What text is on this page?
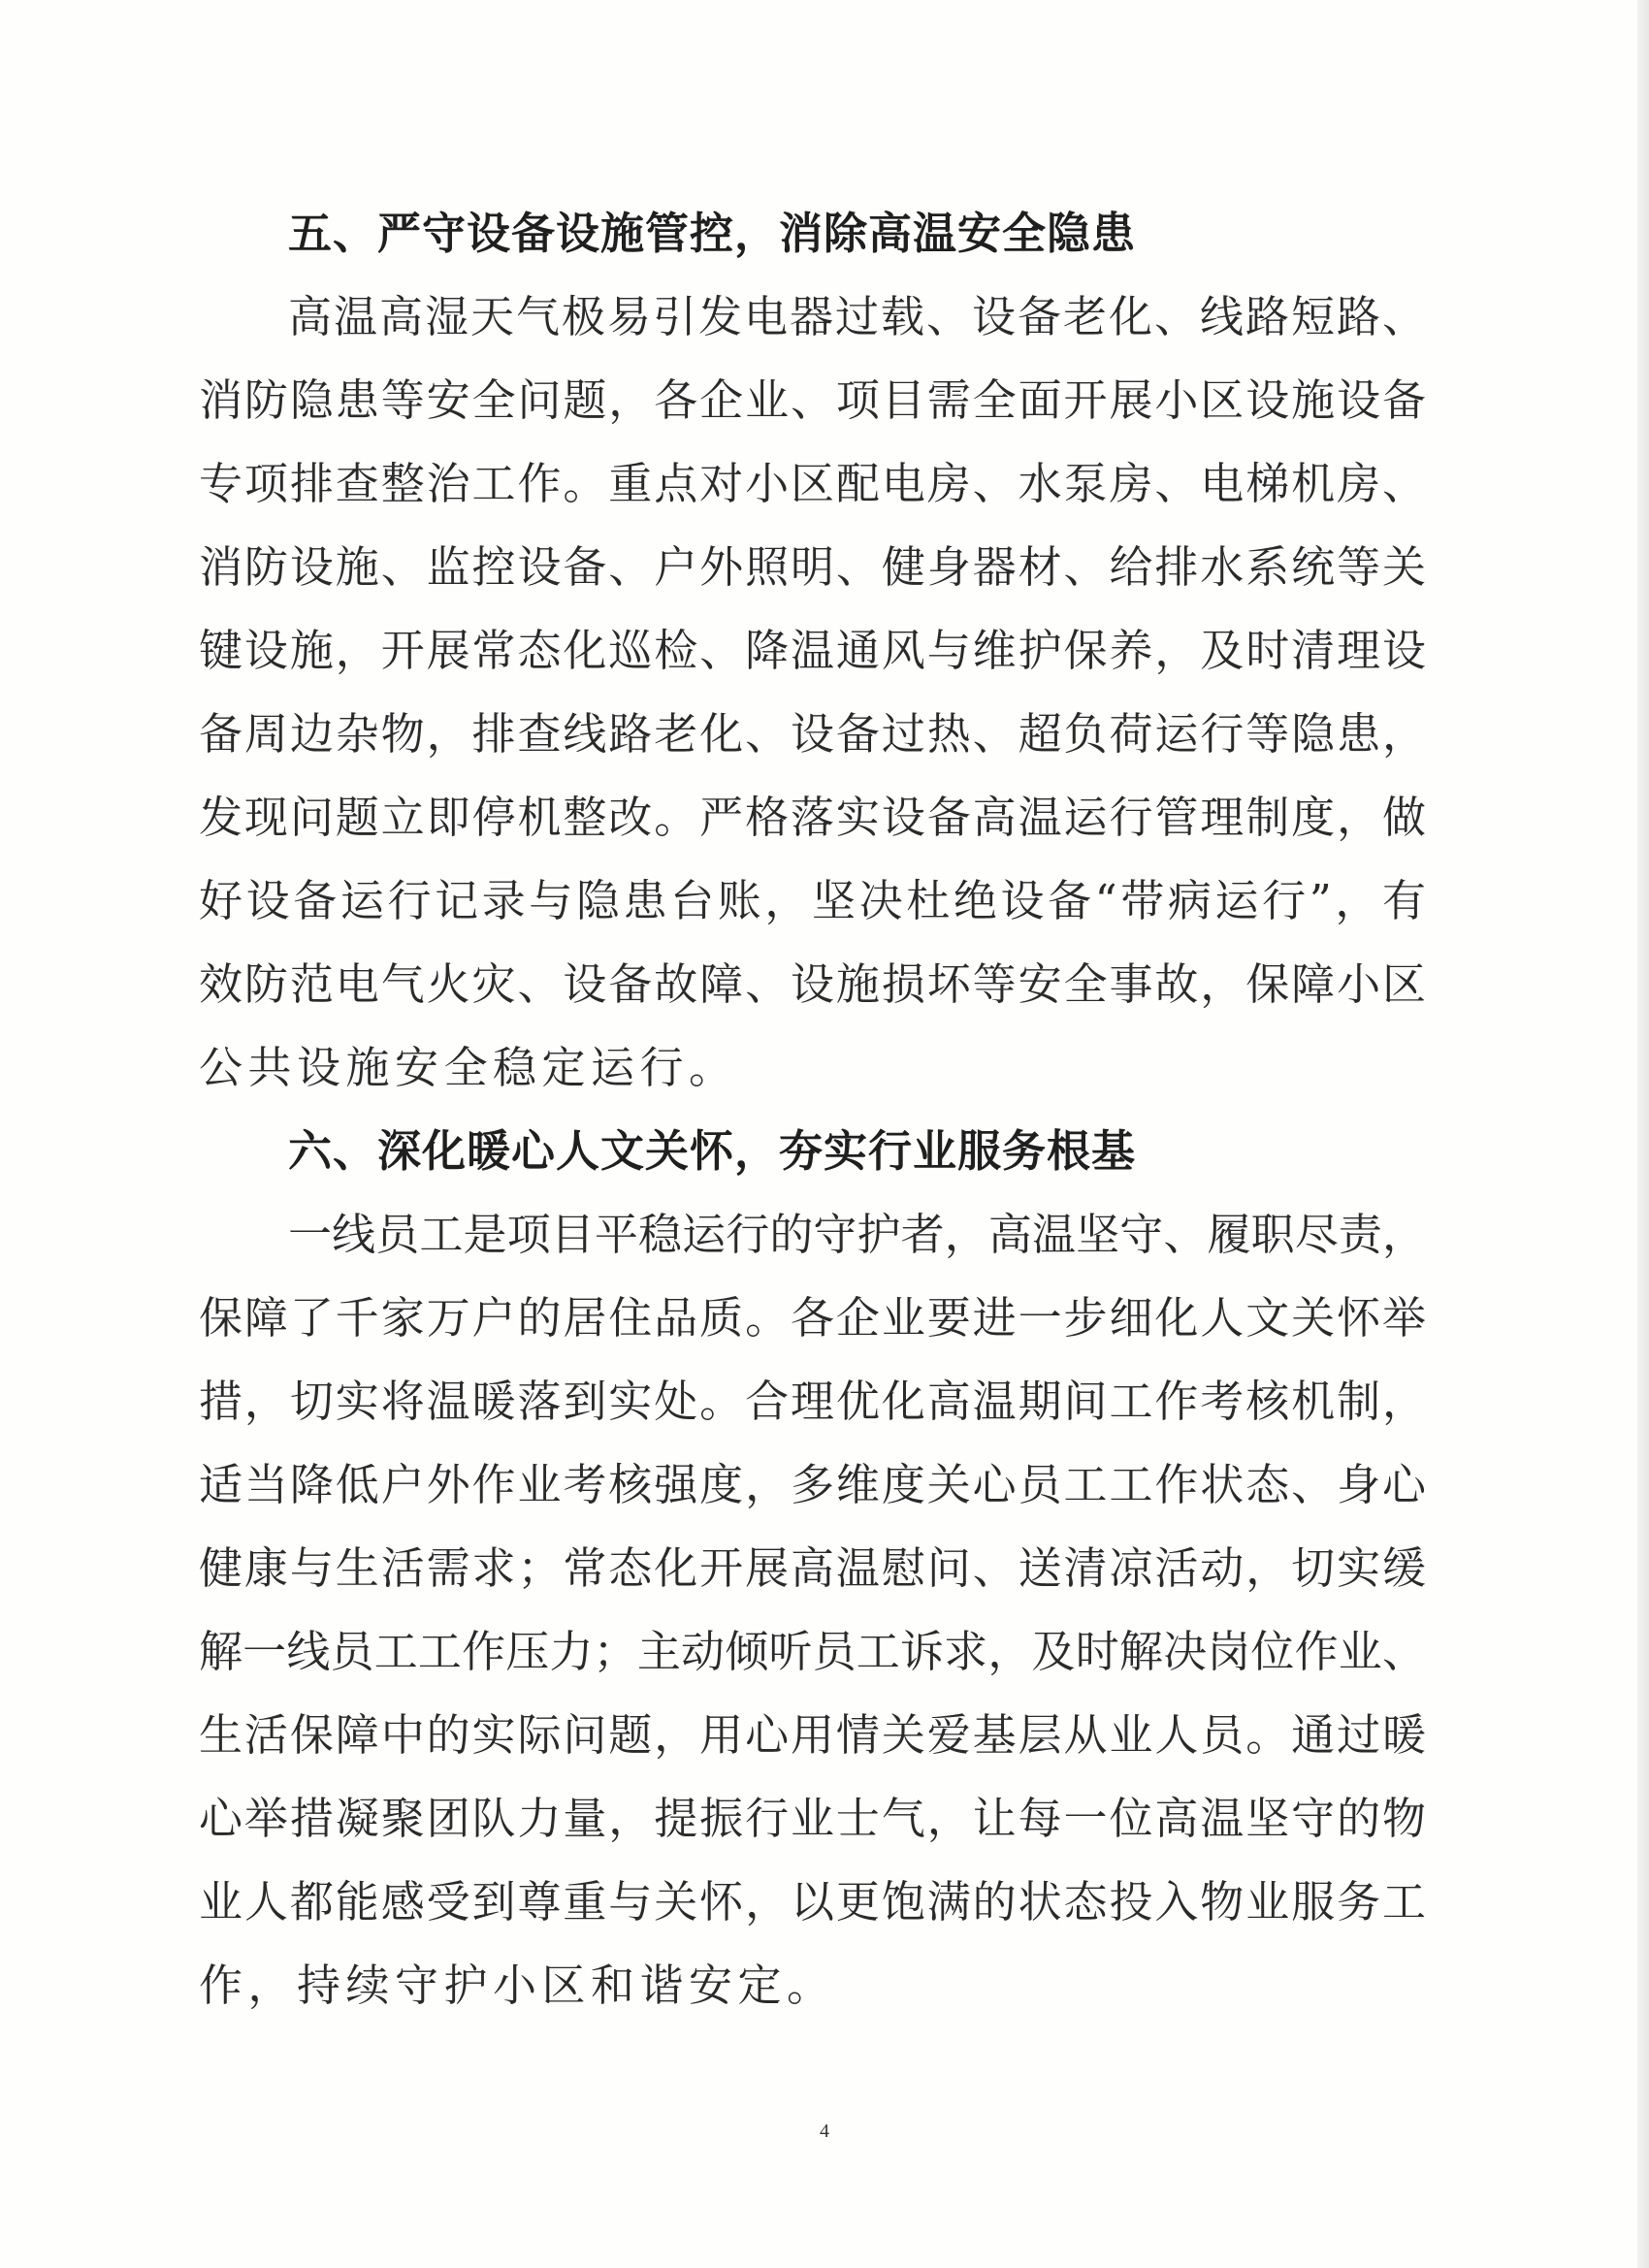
五、严守设备设施管控，消除高温安全隐患
高温高湿天气极易引发电器过载、设备老化、线路短路、
消防隐患等安全问题，各企业、项目需全面开展小区设施设备
专项排查整治工作。重点对小区配电房、水泵房、电梯机房、
消防设施、监控设备、户外照明、健身器材、给排水系统等关
键设施，开展常态化巡检、降温通风与维护保养，及时清理设
备周边杂物，排查线路老化、设备过热、超负荷运行等隐患，
发现问题立即停机整改。严格落实设备高温运行管理制度，做
好设备运行记录与隐患台账，坚决杜绝设备“带病运行”，有
效防范电气火灾、设备故障、设施损坏等安全事故，保障小区
公共设施安全稳定运行。
六、深化暖心人文关怀，夯实行业服务根基
一线员工是项目平稳运行的守护者，高温坚守、履职尽责，
保障了千家万户的居住品质。各企业要进一步细化人文关怀举
措，切实将温暖落到实处。合理优化高温期间工作考核机制，
适当降低户外作业考核强度，多维度关心员工工作状态、身心
健康与生活需求；常态化开展高温慰问、送清凉活动，切实缓
解一线员工工作压力；主动倾听员工诉求，及时解决岗位作业、
生活保障中的实际问题，用心用情关爱基层从业人员。通过暖
心举措凝聚团队力量，提振行业士气，让每一位高温坚守的物
业人都能感受到尊重与关怀，以更饱满的状态投入物业服务工
作，持续守护小区和谐安定。
4
